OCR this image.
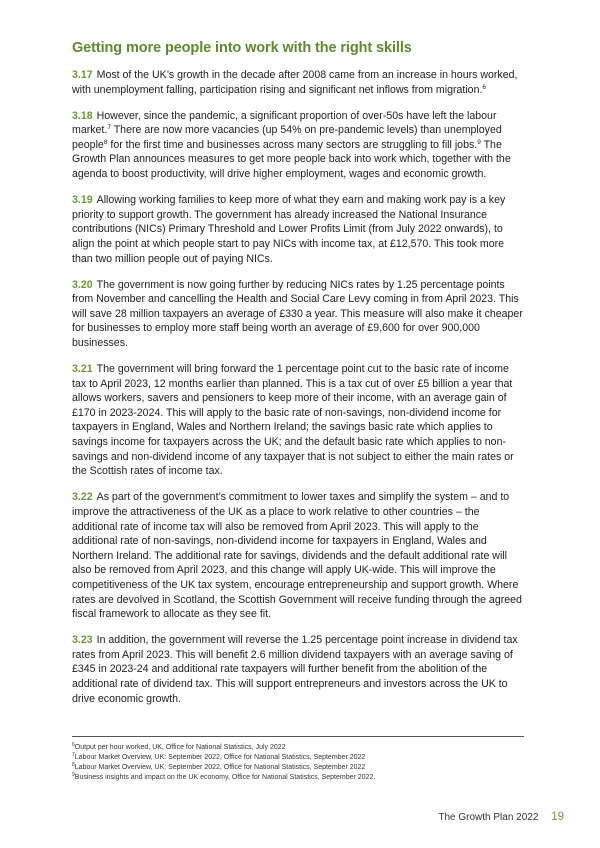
Getting more people into work with the right skills

3.17 Most of the UK’s growth in the decade after 2008 came from an increase in hours worked, with unemployment falling, participation rising and significant net inflows from migration.$^6$

3.18 However, since the pandemic, a significant proportion of over-50s have left the labour market.$^7$ There are now more vacancies (up 54% on pre-pandemic levels) than unemployed people$^8$ for the first time and businesses across many sectors are struggling to fill jobs.$^9$ The Growth Plan announces measures to get more people back into work which, together with the agenda to boost productivity, will drive higher employment, wages and economic growth.

3.19 Allowing working families to keep more of what they earn and making work pay is a key priority to support growth. The government has already increased the National Insurance contributions (NICs) Primary Threshold and Lower Profits Limit (from July 2022 onwards), to align the point at which people start to pay NICs with income tax, at £12,570. This took more than two million people out of paying NICs.

3.20 The government is now going further by reducing NICs rates by 1.25 percentage points from November and cancelling the Health and Social Care Levy coming in from April 2023. This will save 28 million taxpayers an average of £330 a year. This measure will also make it cheaper for businesses to employ more staff being worth an average of £9,600 for over 900,000 businesses.

3.21 The government will bring forward the 1 percentage point cut to the basic rate of income tax to April 2023, 12 months earlier than planned. This is a tax cut of over £5 billion a year that allows workers, savers and pensioners to keep more of their income, with an average gain of £170 in 2023-2024. This will apply to the basic rate of non-savings, non-dividend income for taxpayers in England, Wales and Northern Ireland; the savings basic rate which applies to savings income for taxpayers across the UK; and the default basic rate which applies to non-savings and non-dividend income of any taxpayer that is not subject to either the main rates or the Scottish rates of income tax.

3.22 As part of the government’s commitment to lower taxes and simplify the system – and to improve the attractiveness of the UK as a place to work relative to other countries – the additional rate of income tax will also be removed from April 2023. This will apply to the additional rate of non-savings, non-dividend income for taxpayers in England, Wales and Northern Ireland. The additional rate for savings, dividends and the default additional rate will also be removed from April 2023, and this change will apply UK-wide. This will improve the competitiveness of the UK tax system, encourage entrepreneurship and support growth. Where rates are devolved in Scotland, the Scottish Government will receive funding through the agreed fiscal framework to allocate as they see fit.

3.23 In addition, the government will reverse the 1.25 percentage point increase in dividend tax rates from April 2023. This will benefit 2.6 million dividend taxpayers with an average saving of £345 in 2023-24 and additional rate taxpayers will further benefit from the abolition of the additional rate of dividend tax. This will support entrepreneurs and investors across the UK to drive economic growth.

$^6$Output per hour worked, UK, Office for National Statistics, July 2022

$^7$Labour Market Overview, UK: September 2022, Office for National Statistics, September 2022

$^8$Labour Market Overview, UK: September 2022, Office for National Statistics, September 2022

$^9$Business insights and impact on the UK economy, Office for National Statistics, September 2022.

The Growth Plan 2022 19
